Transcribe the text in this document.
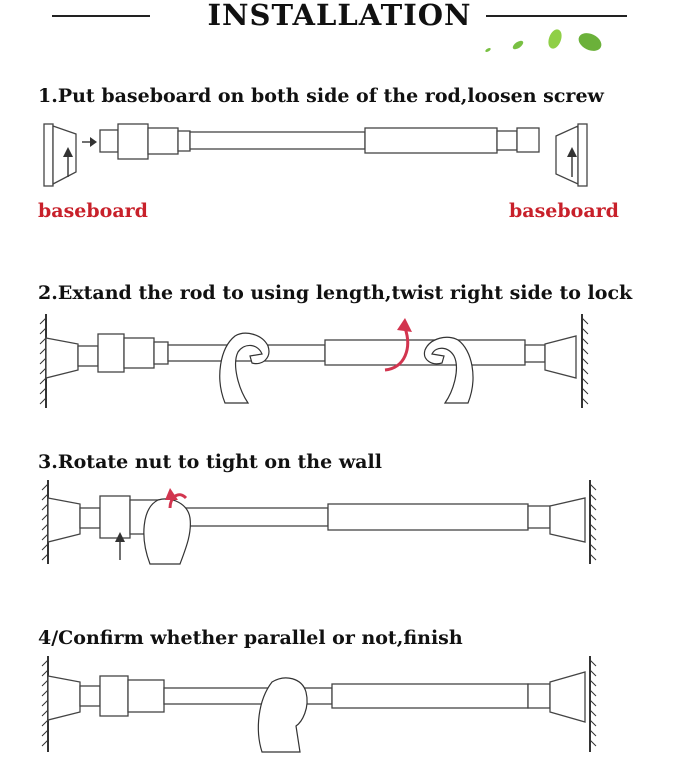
INSTALLATION
1.Put baseboard on both side of the rod,loosen screw
baseboard	baseboard
2.Extand the rod to using length,twist right side to lock
3.Rotate nut to tight on the wall
4/Confirm whether parallel or not,finish
